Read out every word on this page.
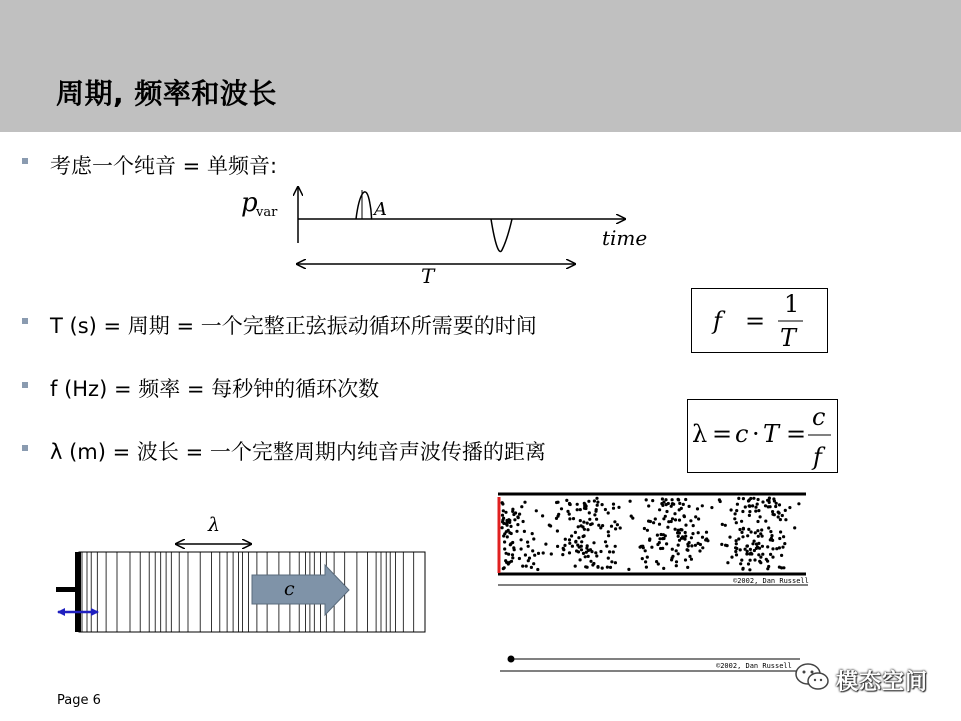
周期, 频率和波长
考虑一个纯音 = 单频音:
T (s) = 周期 = 一个完整正弦振动循环所需要的时间
f (Hz) = 频率 = 每秒钟的循环次数
λ (m) = 波长 = 一个完整周期内纯音声波传播的距离
p
var	A
time
T
f =
1
T
λ = c · T =
c
f
c
λ
©2002, Dan Russell
©2002, Dan Russell
Page 6
模态空间
